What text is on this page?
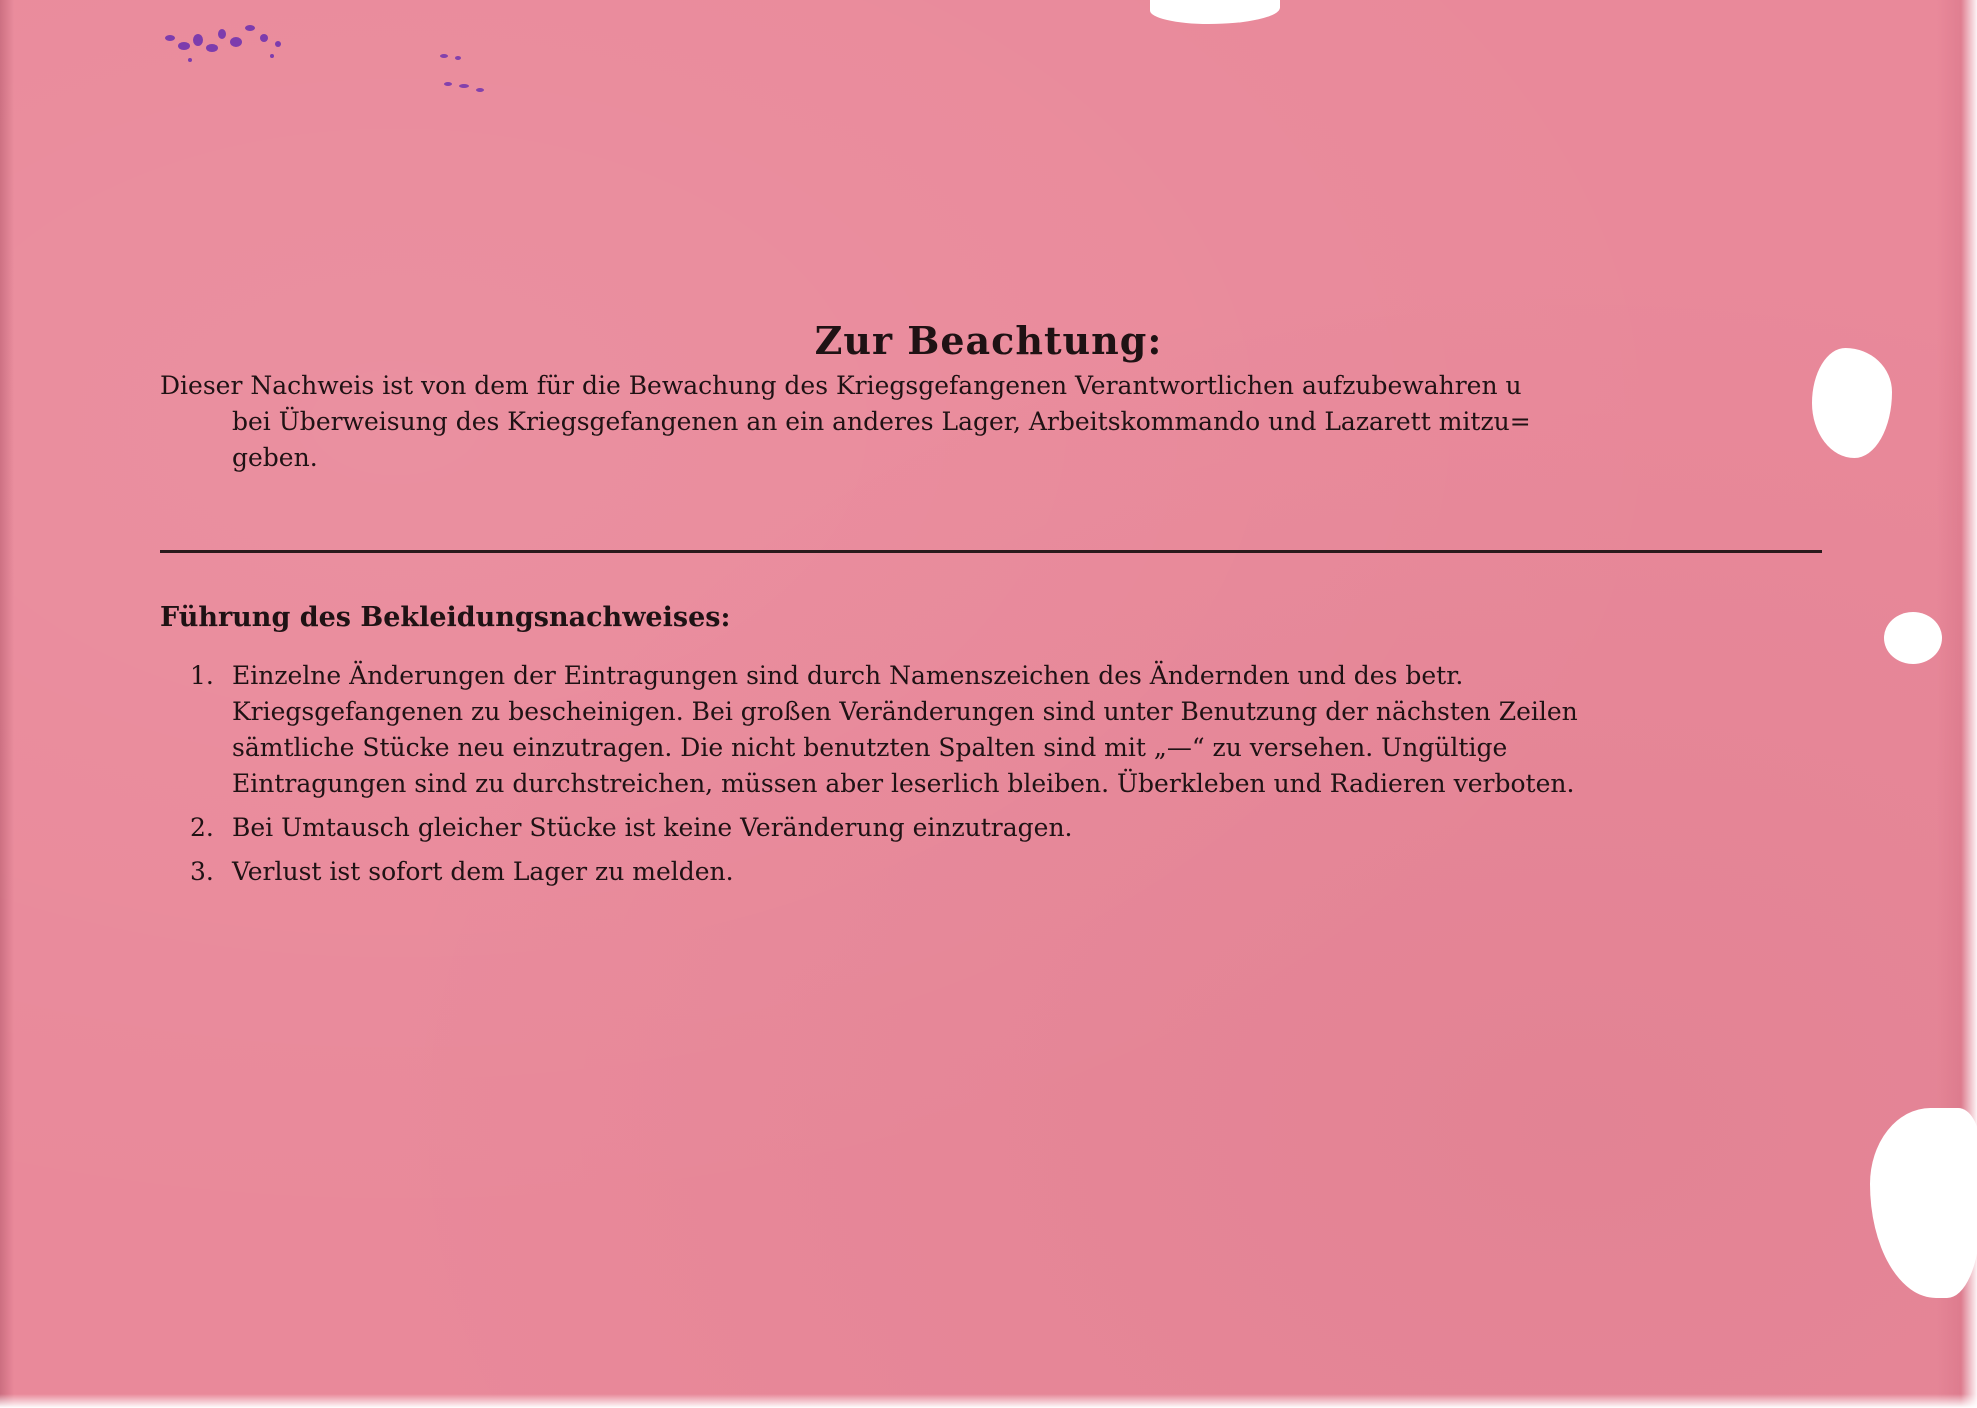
Zur Beachtung:
Dieser Nachweis ist von dem für die Bewachung des Kriegsgefangenen Verantwortlichen aufzubewahren u
bei Überweisung des Kriegsgefangenen an ein anderes Lager, Arbeitskommando und Lazarett mitzu=
geben.
Führung des Bekleidungsnachweises:
1. Einzelne Änderungen der Eintragungen sind durch Namenszeichen des Ändernden und des betr.
Kriegsgefangenen zu bescheinigen. Bei großen Veränderungen sind unter Benutzung der nächsten Zeilen
sämtliche Stücke neu einzutragen. Die nicht benutzten Spalten sind mit „—“ zu versehen. Ungültige
Eintragungen sind zu durchstreichen, müssen aber leserlich bleiben. Überkleben und Radieren verboten.
2. Bei Umtausch gleicher Stücke ist keine Veränderung einzutragen.
3. Verlust ist sofort dem Lager zu melden.
